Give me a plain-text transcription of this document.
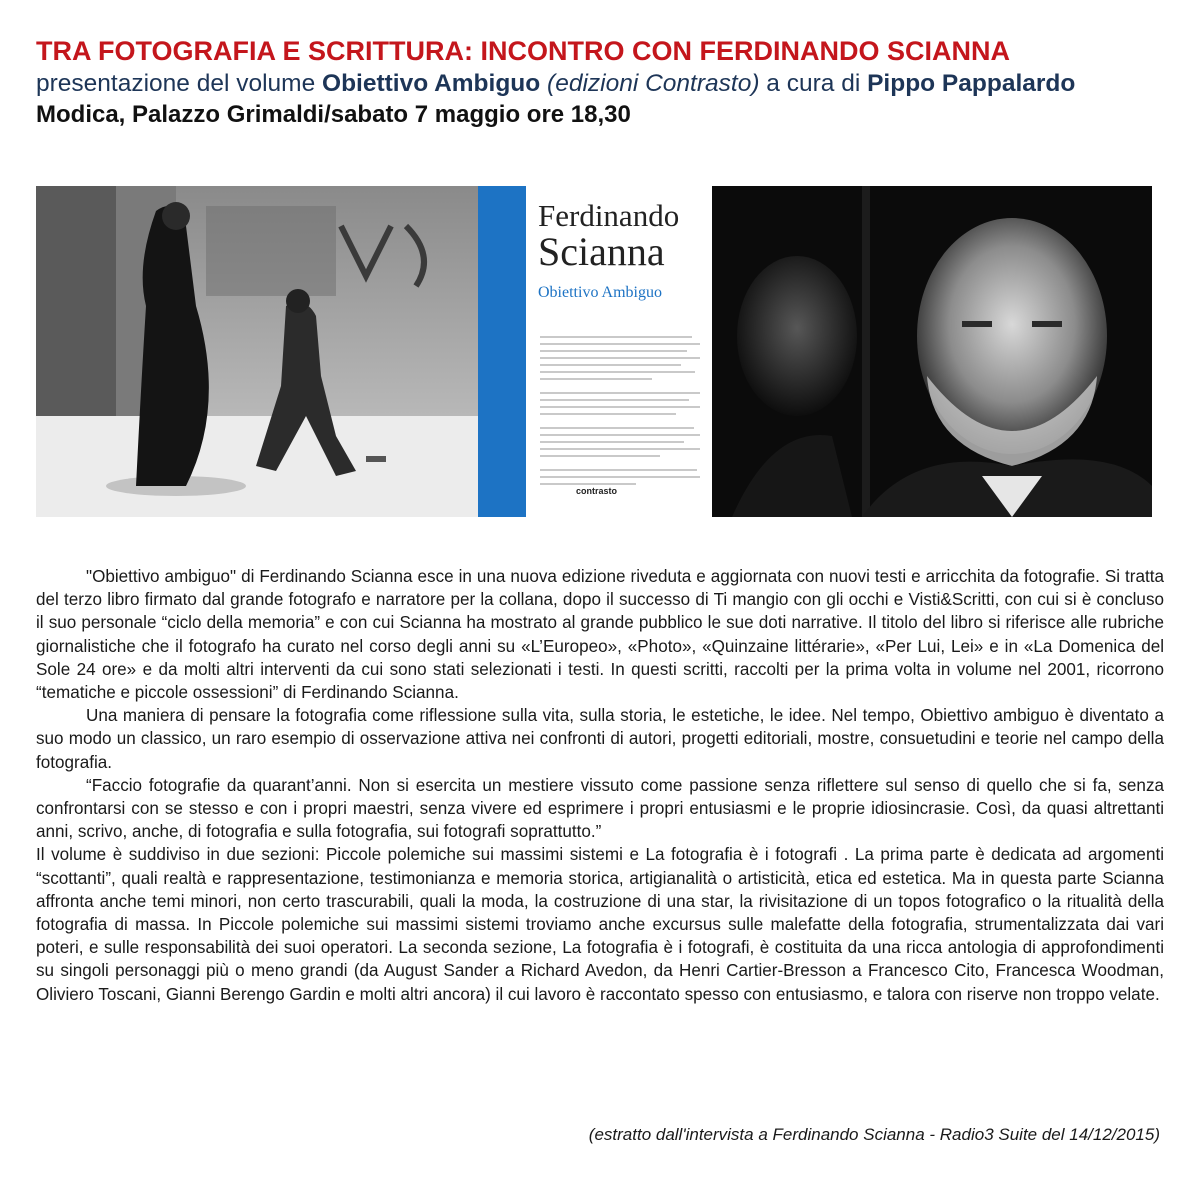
TRA FOTOGRAFIA E SCRITTURA: INCONTRO CON FERDINANDO SCIANNA
presentazione del volume Obiettivo Ambiguo (edizioni Contrasto) a cura di Pippo Pappalardo
Modica, Palazzo Grimaldi/sabato 7 maggio ore 18,30
Ferdinando
Scianna
Obiettivo Ambiguo
contrasto

"Obiettivo ambiguo" di Ferdinando Scianna esce in una nuova edizione riveduta e aggiornata con nuovi testi e arricchita da fotografie. Si tratta del terzo libro firmato dal grande fotografo e narratore per la collana, dopo il successo di Ti mangio con gli occhi e Visti&Scritti, con cui si è concluso il suo personale “ciclo della memoria” e con cui Scianna ha mostrato al grande pubblico le sue doti narrative. Il titolo del libro si riferisce alle rubriche giornalistiche che il fotografo ha curato nel corso degli anni su «L’Europeo», «Photo», «Quinzaine littérarie», «Per Lui, Lei» e in «La Domenica del Sole 24 ore» e da molti altri interventi da cui sono stati selezionati i testi. In questi scritti, raccolti per la prima volta in volume nel 2001, ricorrono “tematiche e piccole ossessioni” di Ferdinando Scianna.

Una maniera di pensare la fotografia come riflessione sulla vita, sulla storia, le estetiche, le idee. Nel tempo, Obiettivo ambiguo è diventato a suo modo un classico, un raro esempio di osservazione attiva nei confronti di autori, progetti editoriali, mostre, consuetudini e teorie nel campo della fotografia.

“Faccio fotografie da quarant’anni. Non si esercita un mestiere vissuto come passione senza riflettere sul senso di quello che si fa, senza confrontarsi con se stesso e con i propri maestri, senza vivere ed esprimere i propri entusiasmi e le proprie idiosincrasie. Così, da quasi altrettanti anni, scrivo, anche, di fotografia e sulla fotografia, sui fotografi soprattutto.”

Il volume è suddiviso in due sezioni: Piccole polemiche sui massimi sistemi e La fotografia è i fotografi . La prima parte è dedicata ad argomenti “scottanti”, quali realtà e rappresentazione, testimonianza e memoria storica, artigianalità o artisticità, etica ed estetica. Ma in questa parte Scianna affronta anche temi minori, non certo trascurabili, quali la moda, la costruzione di una star, la rivisitazione di un topos fotografico o la ritualità della fotografia di massa. In Piccole polemiche sui massimi sistemi troviamo anche excursus sulle malefatte della fotografia, strumentalizzata dai vari poteri, e sulle responsabilità dei suoi operatori. La seconda sezione, La fotografia è i fotografi, è costituita da una ricca antologia di approfondimenti su singoli personaggi più o meno grandi (da August Sander a Richard Avedon, da Henri Cartier-Bresson a Francesco Cito, Francesca Woodman, Oliviero Toscani, Gianni Berengo Gardin e molti altri ancora) il cui lavoro è raccontato spesso con entusiasmo, e talora con riserve non troppo velate.

(estratto dall'intervista a Ferdinando Scianna - Radio3 Suite del 14/12/2015)
